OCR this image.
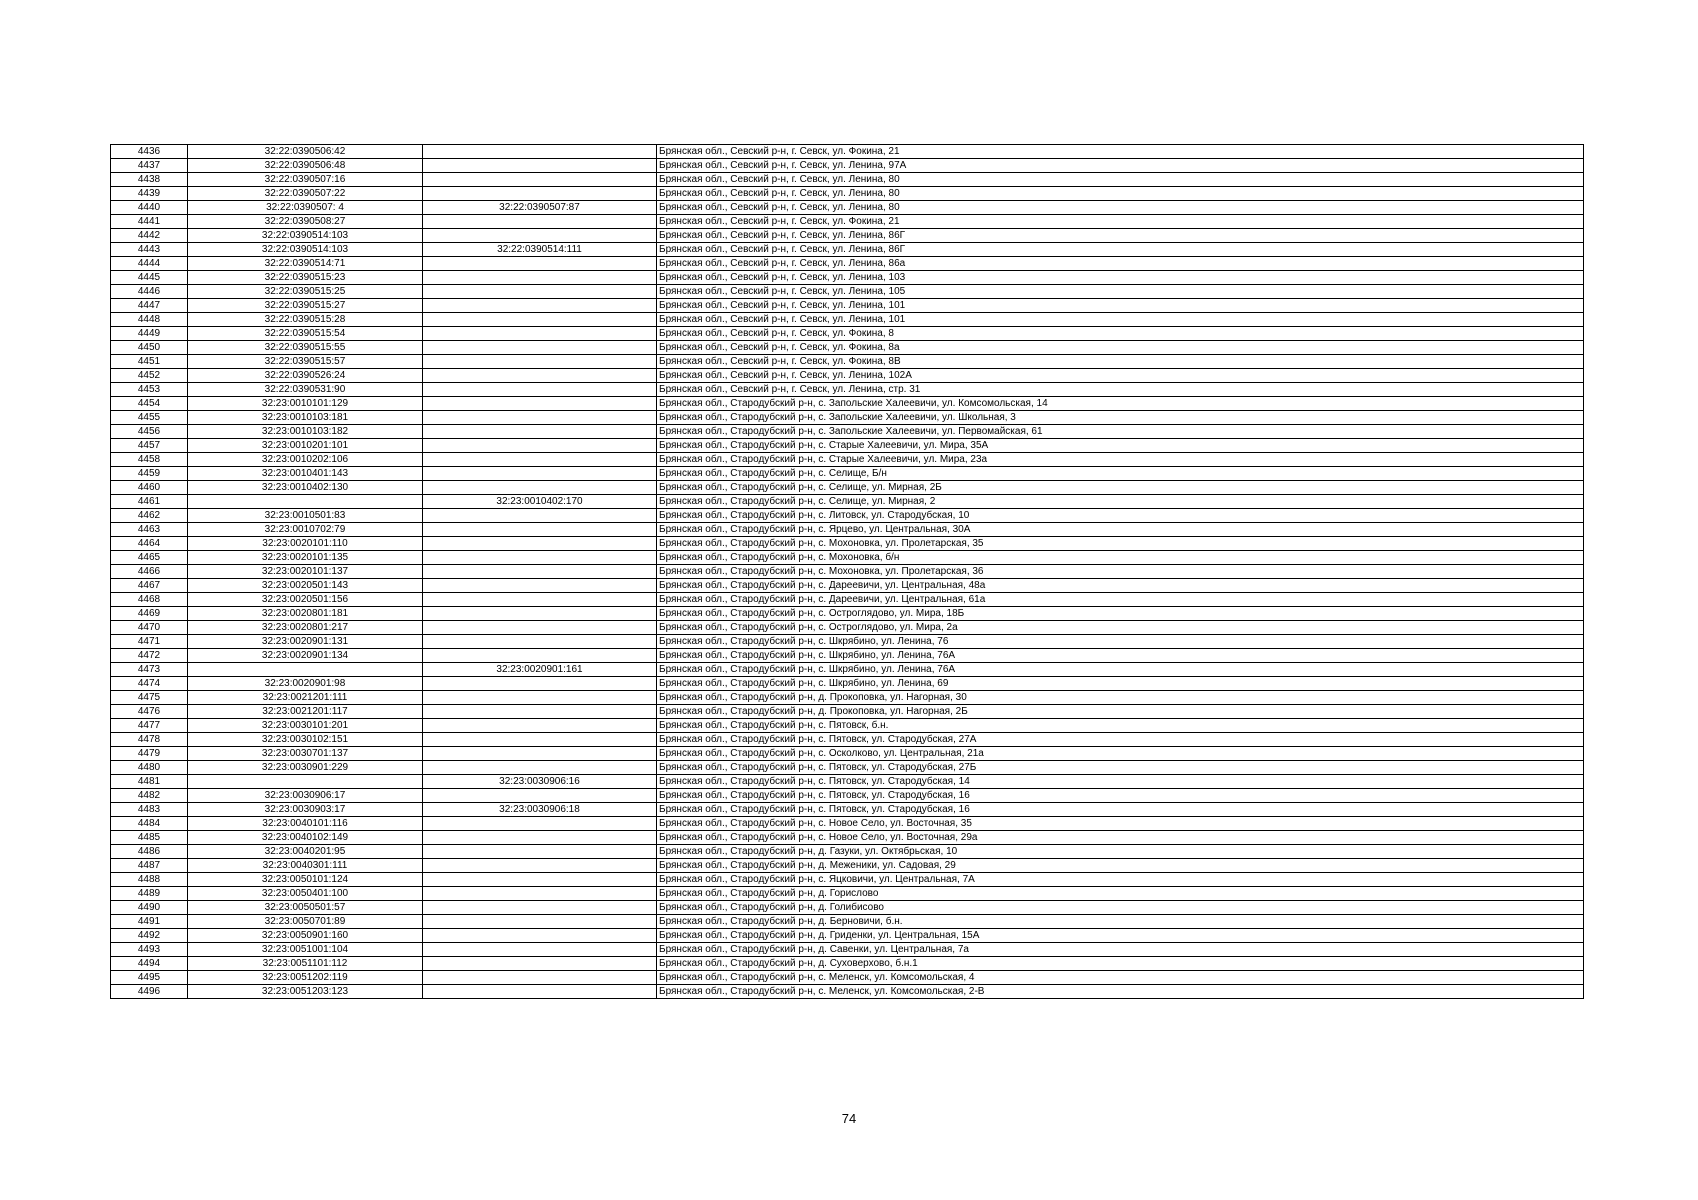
4436	32:22:0390506:42		Брянская обл., Севский р-н, г. Севск, ул. Фокина, 21
4437	32:22:0390506:48		Брянская обл., Севский р-н, г. Севск, ул. Ленина, 97А
4438	32:22:0390507:16		Брянская обл., Севский р-н, г. Севск, ул. Ленина, 80
4439	32:22:0390507:22		Брянская обл., Севский р-н, г. Севск, ул. Ленина, 80
4440	32:22:0390507: 4	32:22:0390507:87	Брянская обл., Севский р-н, г. Севск, ул. Ленина, 80
4441	32:22:0390508:27		Брянская обл., Севский р-н, г. Севск, ул. Фокина, 21
4442	32:22:0390514:103		Брянская обл., Севский р-н, г. Севск, ул. Ленина, 86Г
4443	32:22:0390514:103	32:22:0390514:111	Брянская обл., Севский р-н, г. Севск, ул. Ленина, 86Г
4444	32:22:0390514:71		Брянская обл., Севский р-н, г. Севск, ул. Ленина, 86а
4445	32:22:0390515:23		Брянская обл., Севский р-н, г. Севск, ул. Ленина, 103
4446	32:22:0390515:25		Брянская обл., Севский р-н, г. Севск, ул. Ленина, 105
4447	32:22:0390515:27		Брянская обл., Севский р-н, г. Севск, ул. Ленина, 101
4448	32:22:0390515:28		Брянская обл., Севский р-н, г. Севск, ул. Ленина, 101
4449	32:22:0390515:54		Брянская обл., Севский р-н, г. Севск, ул. Фокина, 8
4450	32:22:0390515:55		Брянская обл., Севский р-н, г. Севск, ул. Фокина, 8а
4451	32:22:0390515:57		Брянская обл., Севский р-н, г. Севск, ул. Фокина, 8В
4452	32:22:0390526:24		Брянская обл., Севский р-н, г. Севск, ул. Ленина, 102А
4453	32:22:0390531:90		Брянская обл., Севский р-н, г. Севск, ул. Ленина, стр. 31
4454	32:23:0010101:129		Брянская обл., Стародубский р-н, с. Запольские Халеевичи, ул. Комсомольская, 14
4455	32:23:0010103:181		Брянская обл., Стародубский р-н, с. Запольские Халеевичи, ул. Школьная, 3
4456	32:23:0010103:182		Брянская обл., Стародубский р-н, с. Запольские Халеевичи, ул. Первомайская, 61
4457	32:23:0010201:101		Брянская обл., Стародубский р-н, с. Старые Халеевичи, ул. Мира, 35А
4458	32:23:0010202:106		Брянская обл., Стародубский р-н, с. Старые Халеевичи, ул. Мира, 23а
4459	32:23:0010401:143		Брянская обл., Стародубский р-н, с. Селище, Б/н
4460	32:23:0010402:130		Брянская обл., Стародубский р-н, с. Селище, ул. Мирная, 2Б
4461		32:23:0010402:170	Брянская обл., Стародубский р-н, с. Селище, ул. Мирная, 2
4462	32:23:0010501:83		Брянская обл., Стародубский р-н, с. Литовск, ул. Стародубская, 10
4463	32:23:0010702:79		Брянская обл., Стародубский р-н, с. Ярцево, ул. Центральная, 30А
4464	32:23:0020101:110		Брянская обл., Стародубский р-н, с. Мохоновка, ул. Пролетарская, 35
4465	32:23:0020101:135		Брянская обл., Стародубский р-н, с. Мохоновка, б/н
4466	32:23:0020101:137		Брянская обл., Стародубский р-н, с. Мохоновка, ул. Пролетарская, 36
4467	32:23:0020501:143		Брянская обл., Стародубский р-н, с. Дареевичи, ул. Центральная, 48а
4468	32:23:0020501:156		Брянская обл., Стародубский р-н, с. Дареевичи, ул. Центральная, 61а
4469	32:23:0020801:181		Брянская обл., Стародубский р-н, с. Остроглядово, ул. Мира, 18Б
4470	32:23:0020801:217		Брянская обл., Стародубский р-н, с. Остроглядово, ул. Мира, 2а
4471	32:23:0020901:131		Брянская обл., Стародубский р-н, с. Шкрябино, ул. Ленина, 76
4472	32:23:0020901:134		Брянская обл., Стародубский р-н, с. Шкрябино, ул. Ленина, 76А
4473		32:23:0020901:161	Брянская обл., Стародубский р-н, с. Шкрябино, ул. Ленина, 76А
4474	32:23:0020901:98		Брянская обл., Стародубский р-н, с. Шкрябино, ул. Ленина, 69
4475	32:23:0021201:111		Брянская обл., Стародубский р-н, д. Прокоповка, ул. Нагорная, 30
4476	32:23:0021201:117		Брянская обл., Стародубский р-н, д. Прокоповка, ул. Нагорная, 2Б
4477	32:23:0030101:201		Брянская обл., Стародубский р-н, с. Пятовск, б.н.
4478	32:23:0030102:151		Брянская обл., Стародубский р-н, с. Пятовск, ул. Стародубская, 27А
4479	32:23:0030701:137		Брянская обл., Стародубский р-н, с. Осколково, ул. Центральная, 21а
4480	32:23:0030901:229		Брянская обл., Стародубский р-н, с. Пятовск, ул. Стародубская, 27Б
4481		32:23:0030906:16	Брянская обл., Стародубский р-н, с. Пятовск, ул. Стародубская, 14
4482	32:23:0030906:17		Брянская обл., Стародубский р-н, с. Пятовск, ул. Стародубская, 16
4483	32:23:0030903:17	32:23:0030906:18	Брянская обл., Стародубский р-н, с. Пятовск, ул. Стародубская, 16
4484	32:23:0040101:116		Брянская обл., Стародубский р-н, с. Новое Село, ул. Восточная, 35
4485	32:23:0040102:149		Брянская обл., Стародубский р-н, с. Новое Село, ул. Восточная, 29а
4486	32:23:0040201:95		Брянская обл., Стародубский р-н, д. Газуки, ул. Октябрьская, 10
4487	32:23:0040301:111		Брянская обл., Стародубский р-н, д. Меженики, ул. Садовая, 29
4488	32:23:0050101:124		Брянская обл., Стародубский р-н, с. Яцковичи, ул. Центральная, 7А
4489	32:23:0050401:100		Брянская обл., Стародубский р-н, д. Горислово
4490	32:23:0050501:57		Брянская обл., Стародубский р-н, д. Голибисово
4491	32:23:0050701:89		Брянская обл., Стародубский р-н, д. Берновичи, б.н.
4492	32:23:0050901:160		Брянская обл., Стародубский р-н, д. Гриденки, ул. Центральная, 15А
4493	32:23:0051001:104		Брянская обл., Стародубский р-н, д. Савенки, ул. Центральная, 7а
4494	32:23:0051101:112		Брянская обл., Стародубский р-н, д. Суховерхово, б.н.1
4495	32:23:0051202:119		Брянская обл., Стародубский р-н, с. Меленск, ул. Комсомольская, 4
4496	32:23:0051203:123		Брянская обл., Стародубский р-н, с. Меленск, ул. Комсомольская, 2-В
74
